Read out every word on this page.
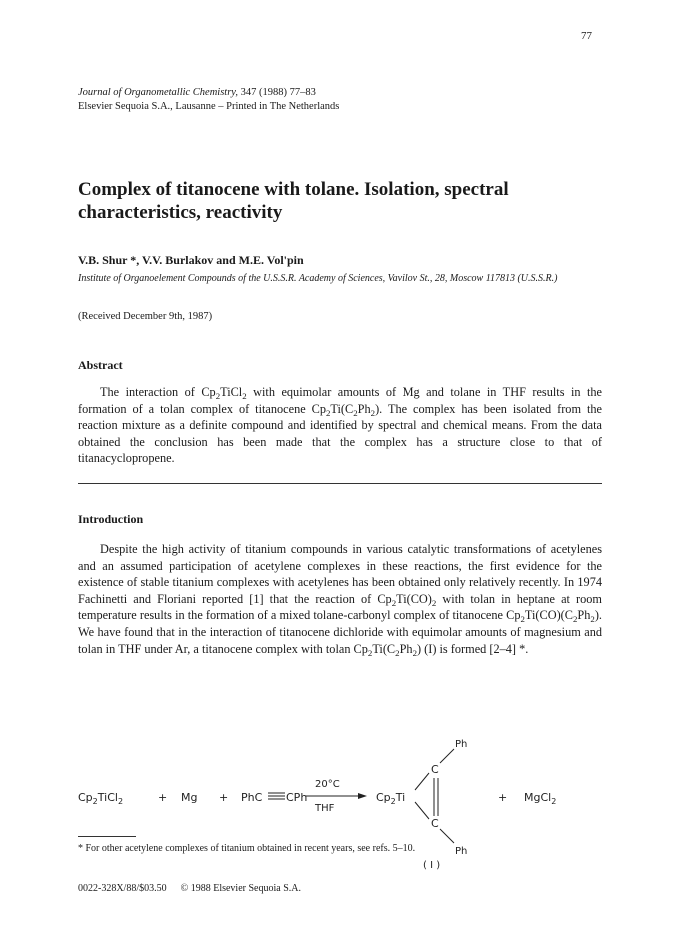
77
Journal of Organometallic Chemistry, 347 (1988) 77–83
Elsevier Sequoia S.A., Lausanne – Printed in The Netherlands
Complex of titanocene with tolane. Isolation, spectral characteristics, reactivity
V.B. Shur *, V.V. Burlakov and M.E. Vol'pin
Institute of Organoelement Compounds of the U.S.S.R. Academy of Sciences, Vavilov St., 28, Moscow 117813 (U.S.S.R.)
(Received December 9th, 1987)
Abstract

The interaction of $Cp_2TiCl_2$ with equimolar amounts of Mg and tolane in THF results in the formation of a tolan complex of titanocene $Cp_2Ti(C_2Ph_2)$. The complex has been isolated from the reaction mixture as a definite compound and identified by spectral and chemical means. From the data obtained the conclusion has been made that the complex has a structure close to that of titanacyclopropene.

Introduction

Despite the high activity of titanium compounds in various catalytic transformations of acetylenes and an assumed participation of acetylene complexes in these reactions, the first evidence for the existence of stable titanium complexes with acetylenes has been obtained only relatively recently. In 1974 Fachinetti and Floriani reported [1] that the reaction of $Cp_2Ti(CO)_2$ with tolan in heptane at room temperature results in the formation of a mixed tolane-carbonyl complex of titanocene $Cp_2Ti(CO)(C_2Ph_2)$. We have found that in the interaction of titanocene dichloride with equimolar amounts of magnesium and tolan in THF under Ar, a titanocene complex with tolan $Cp_2Ti(C_2Ph_2)$ (I) is formed [2–4] *.

$Cp_2TiCl_2$	+ Mg + PhC CPh
20°C
THF
$Cp_2Ti$
C
C
Ph
Ph
+ MgCl$_2$
( I )
* For other acetylene complexes of titanium obtained in recent years, see refs. 5–10.
0022-328X/88/$03.50 © 1988 Elsevier Sequoia S.A.
